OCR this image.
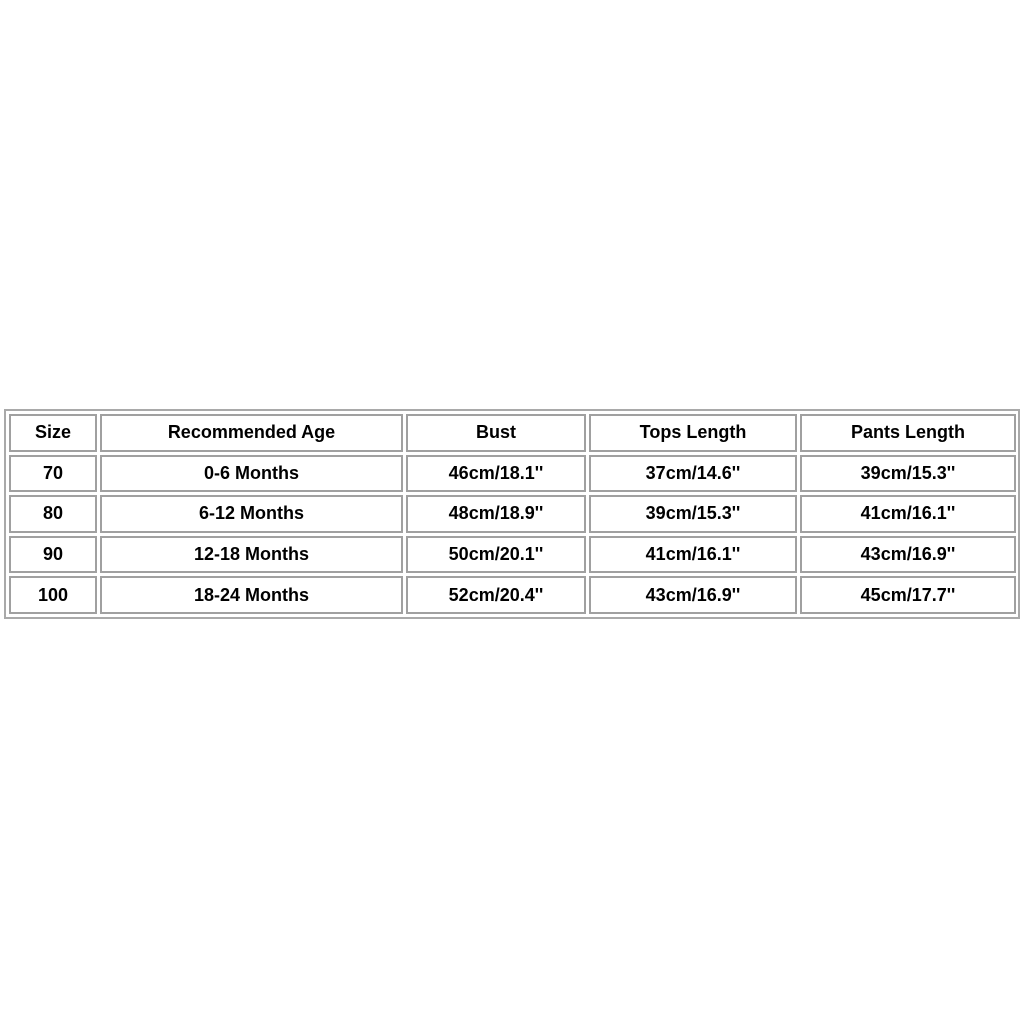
Size	Recommended Age	Bust	Tops Length	Pants Length
70	0-6 Months	46cm/18.1''	37cm/14.6''	39cm/15.3''
80	6-12 Months	48cm/18.9''	39cm/15.3''	41cm/16.1''
90	12-18 Months	50cm/20.1''	41cm/16.1''	43cm/16.9''
100	18-24 Months	52cm/20.4''	43cm/16.9''	45cm/17.7''
